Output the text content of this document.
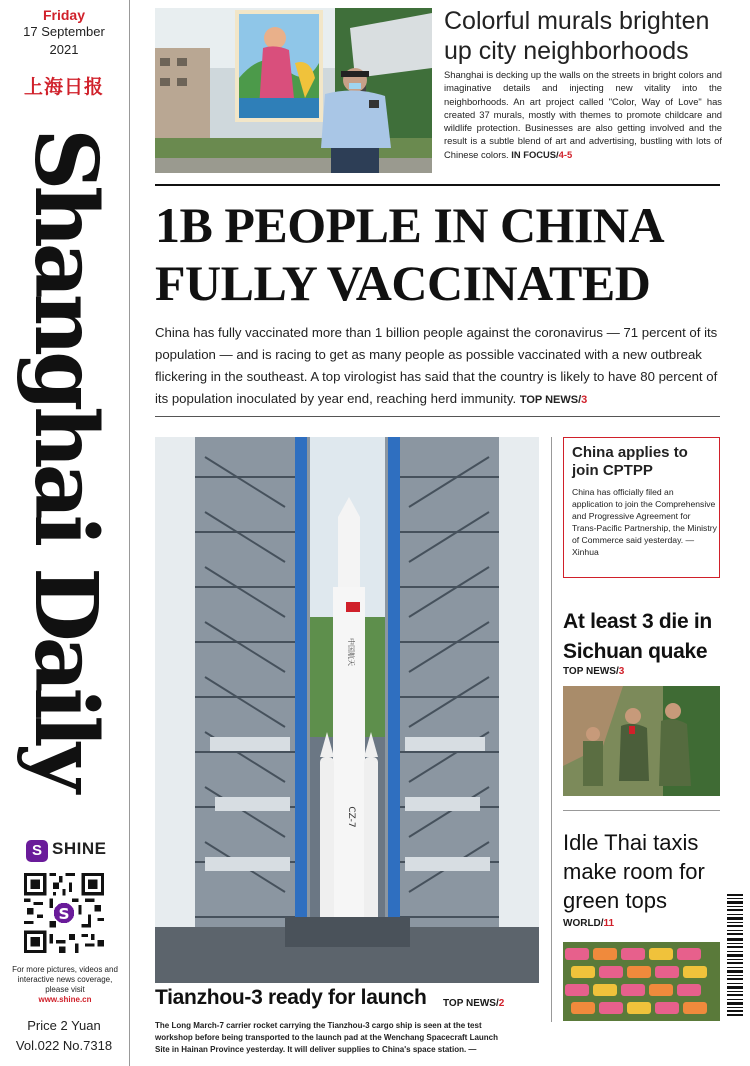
Friday
17 September
2021
上海日报
Shanghai Daily
S SHINE
S
For more pictures, videos and interactive news coverage, please visit
www.shine.cn
Price 2 Yuan
Vol.022 No.7318
Colorful murals brighten up city neighborhoods
Shanghai is decking up the walls on the streets in bright colors and imaginative details and injecting new vitality into the neighborhoods. An art project called "Color, Way of Love" has created 37 murals, mostly with themes to promote childcare and wildlife protection. Businesses are also getting involved and the result is a subtle blend of art and advertising, bustling with lots of Chinese colors. IN FOCUS/4-5
1B PEOPLE IN CHINA
FULLY VACCINATED
China has fully vaccinated more than 1 billion people against the coronavirus — 71 percent of its population — and is racing to get as many people as possible vaccinated with a new outbreak flickering in the southeast. A top virologist has said that the country is likely to have 80 percent of its population inoculated by year end, reaching herd immunity. TOP NEWS/3
中国航天
CZ-7
Tianzhou-3 ready for launch TOP NEWS/2
The Long March-7 carrier rocket carrying the Tianzhou-3 cargo ship is seen at the test
workshop before being transported to the launch pad at the Wenchang Spacecraft Launch
Site in Hainan Province yesterday. It will deliver supplies to China's space station. —
China applies to join CPTPP
China has officially filed an application to join the Comprehensive and Progressive Agreement for Trans-Pacific Partnership, the Ministry of Commerce said yesterday. — Xinhua
At least 3 die in Sichuan quake
TOP NEWS/3
Idle Thai taxis make room for green tops
WORLD/11
